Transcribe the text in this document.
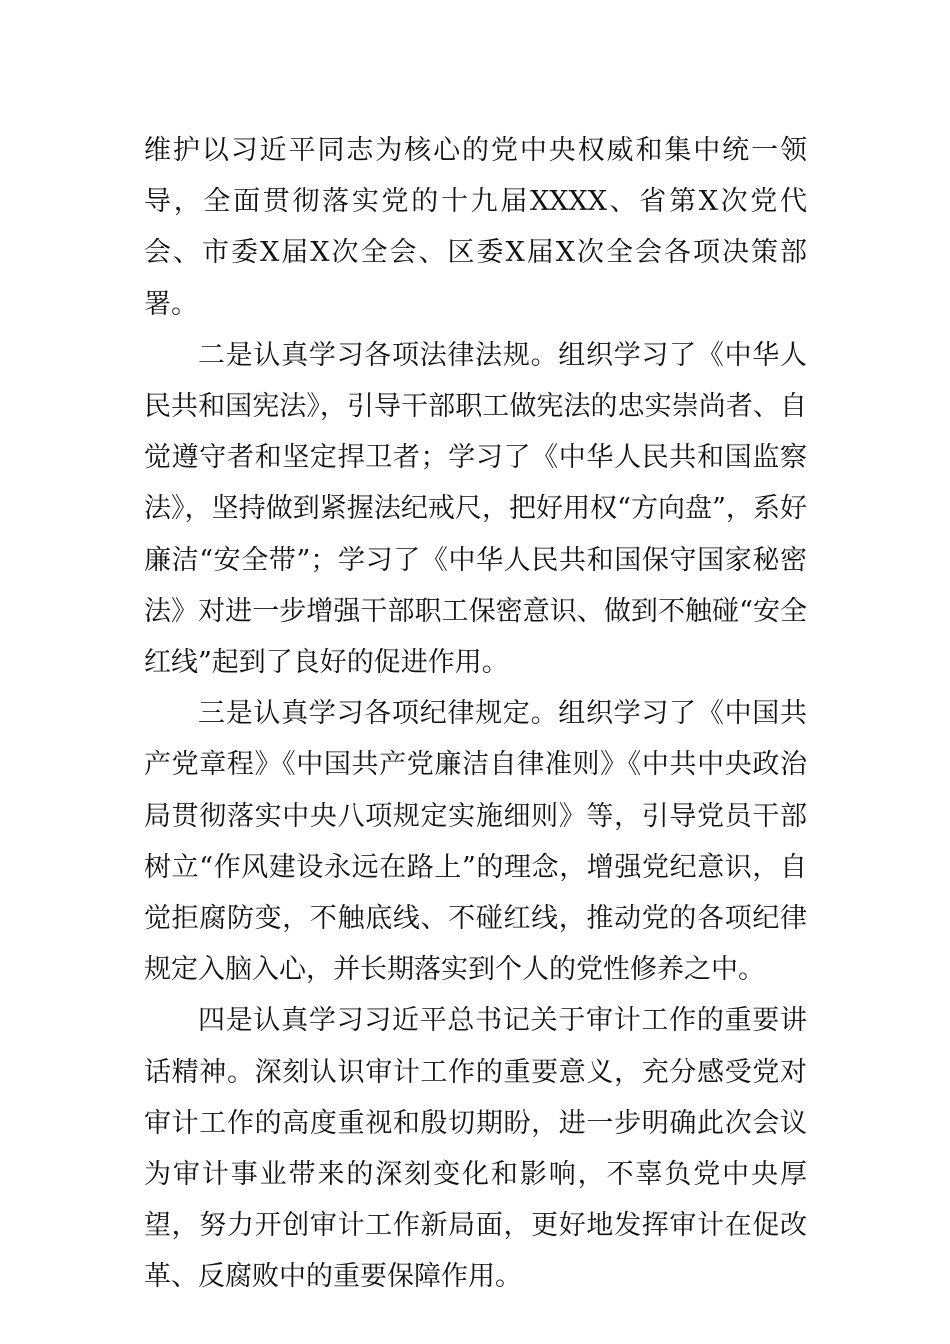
维护以习近平同志为核心的党中央权威和集中统一领导，全面贯彻落实党的十九届XXXX、省第X次党代会、市委X届X次全会、区委X届X次全会各项决策部署。

二是认真学习各项法律法规。组织学习了《中华人民共和国宪法》，引导干部职工做宪法的忠实崇尚者、自觉遵守者和坚定捍卫者；学习了《中华人民共和国监察法》，坚持做到紧握法纪戒尺，把好用权“方向盘”，系好廉洁“安全带”；学习了《中华人民共和国保守国家秘密法》对进一步增强干部职工保密意识、做到不触碰“安全红线”起到了良好的促进作用。

三是认真学习各项纪律规定。组织学习了《中国共产党章程》《中国共产党廉洁自律准则》《中共中央政治局贯彻落实中央八项规定实施细则》等，引导党员干部树立“作风建设永远在路上”的理念，增强党纪意识，自觉拒腐防变，不触底线、不碰红线，推动党的各项纪律规定入脑入心，并长期落实到个人的党性修养之中。

四是认真学习习近平总书记关于审计工作的重要讲话精神。深刻认识审计工作的重要意义，充分感受党对审计工作的高度重视和殷切期盼，进一步明确此次会议为审计事业带来的深刻变化和影响，不辜负党中央厚望，努力开创审计工作新局面，更好地发挥审计在促改革、反腐败中的重要保障作用。
